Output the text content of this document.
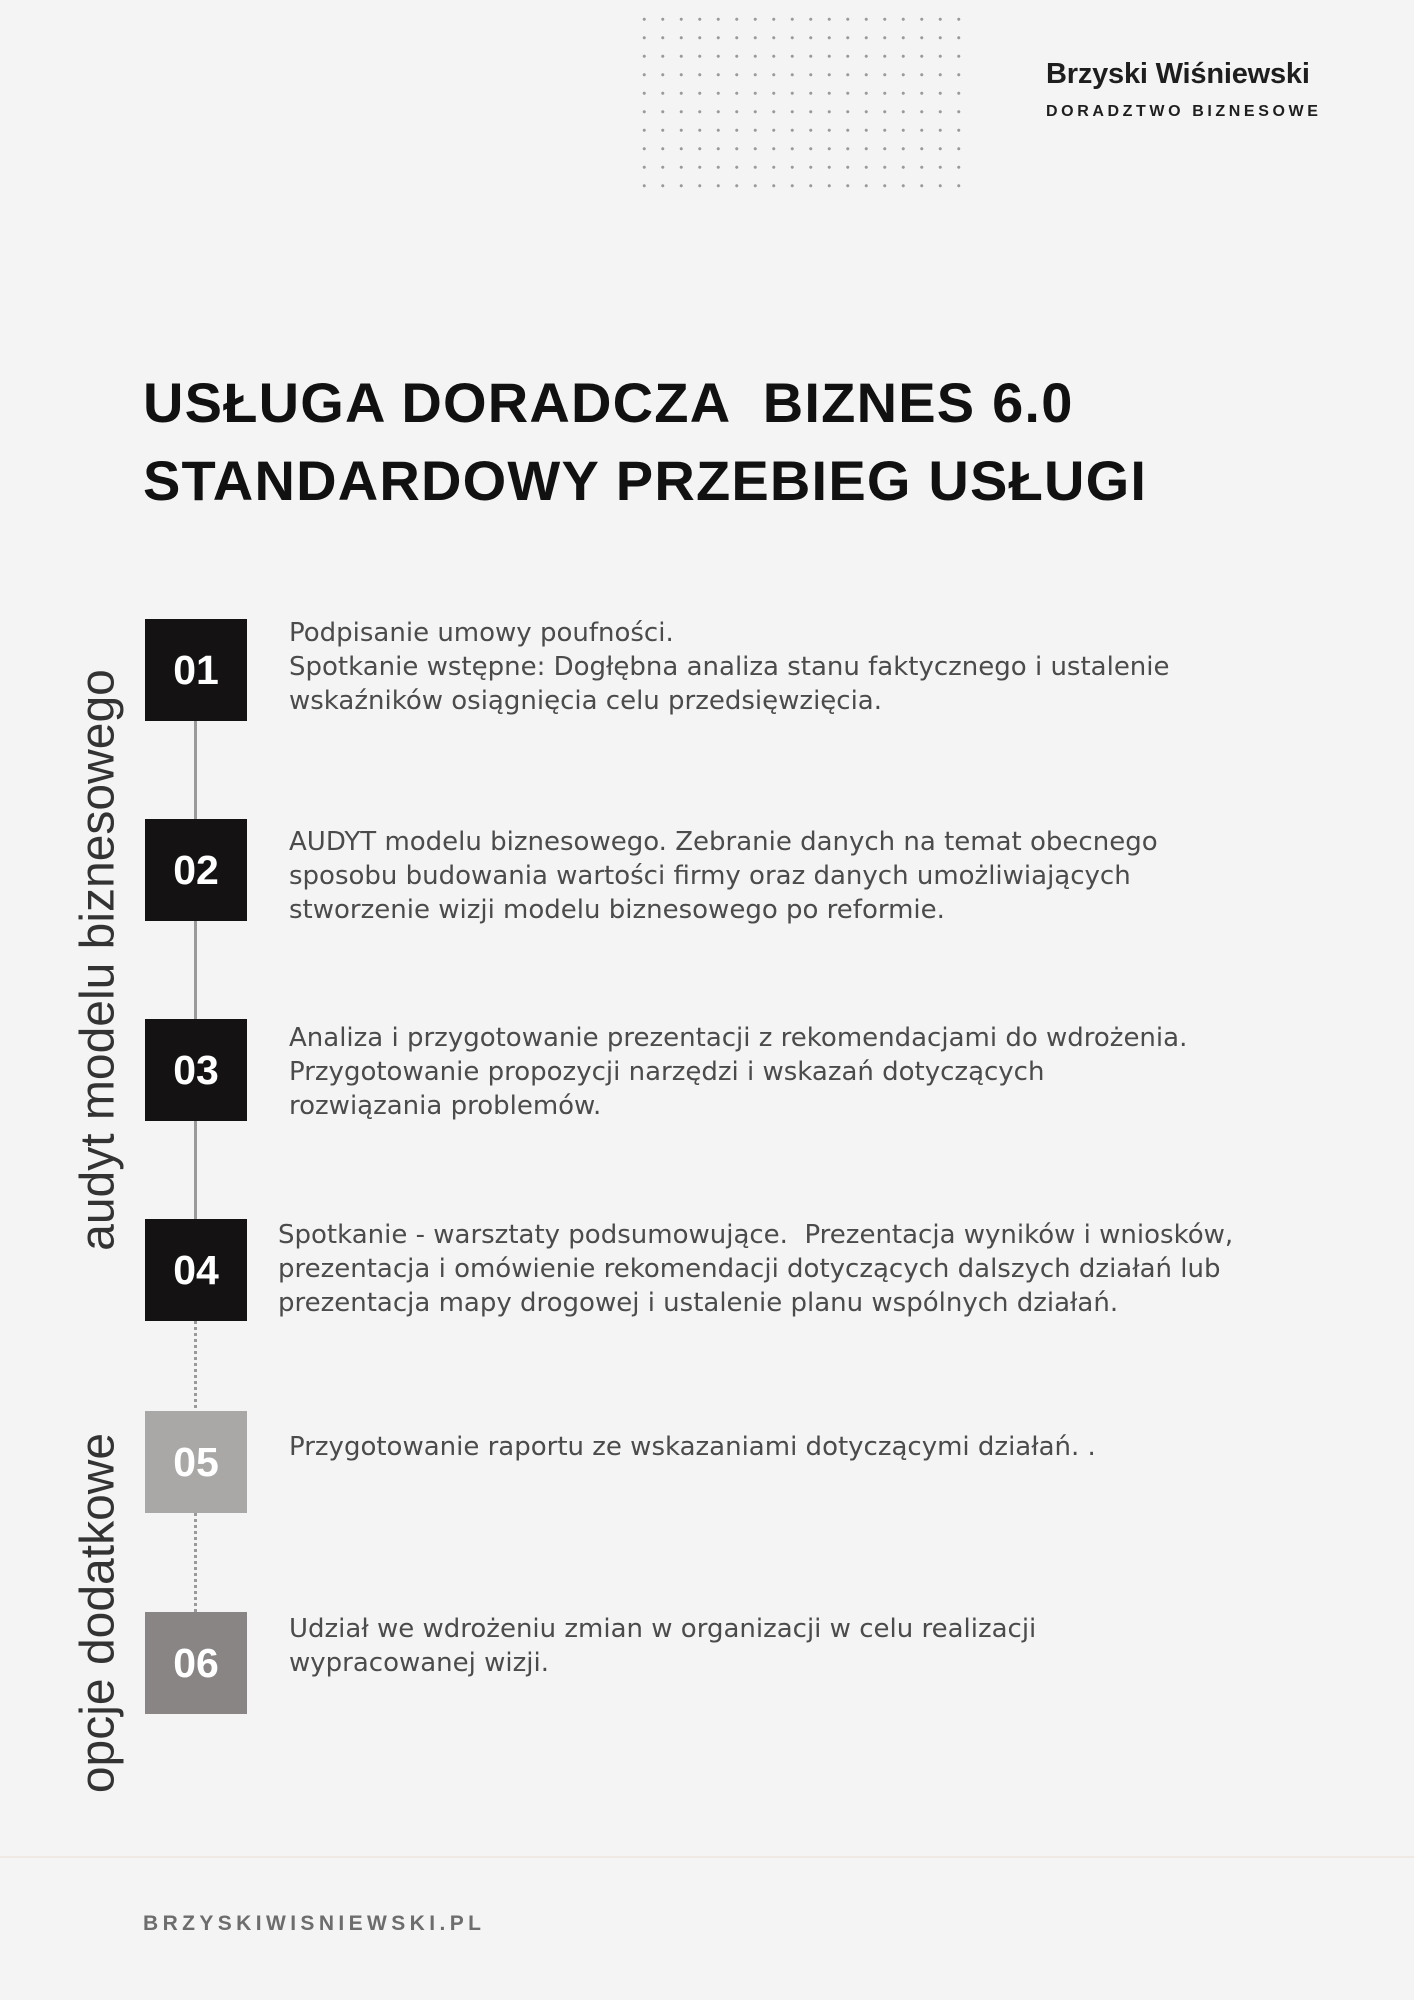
Brzyski Wiśniewski
DORADZTWO BIZNESOWE
USŁUGA DORADCZA  BIZNES 6.0
STANDARDOWY PRZEBIEG USŁUGI
audyt modelu biznesowego
opcje dodatkowe
01
Podpisanie umowy poufności.
Spotkanie wstępne: Dogłębna analiza stanu faktycznego i ustalenie
wskaźników osiągnięcia celu przedsięwzięcia.
02
AUDYT modelu biznesowego. Zebranie danych na temat obecnego
sposobu budowania wartości firmy oraz danych umożliwiających
stworzenie wizji modelu biznesowego po reformie.
03
Analiza i przygotowanie prezentacji z rekomendacjami do wdrożenia.
Przygotowanie propozycji narzędzi i wskazań dotyczących
rozwiązania problemów.
04
Spotkanie - warsztaty podsumowujące.  Prezentacja wyników i wniosków,
prezentacja i omówienie rekomendacji dotyczących dalszych działań lub
prezentacja mapy drogowej i ustalenie planu wspólnych działań.
05	Przygotowanie raportu ze wskazaniami dotyczącymi działań. .
06
Udział we wdrożeniu zmian w organizacji w celu realizacji
wypracowanej wizji.
BRZYSKIWISNIEWSKI.PL
